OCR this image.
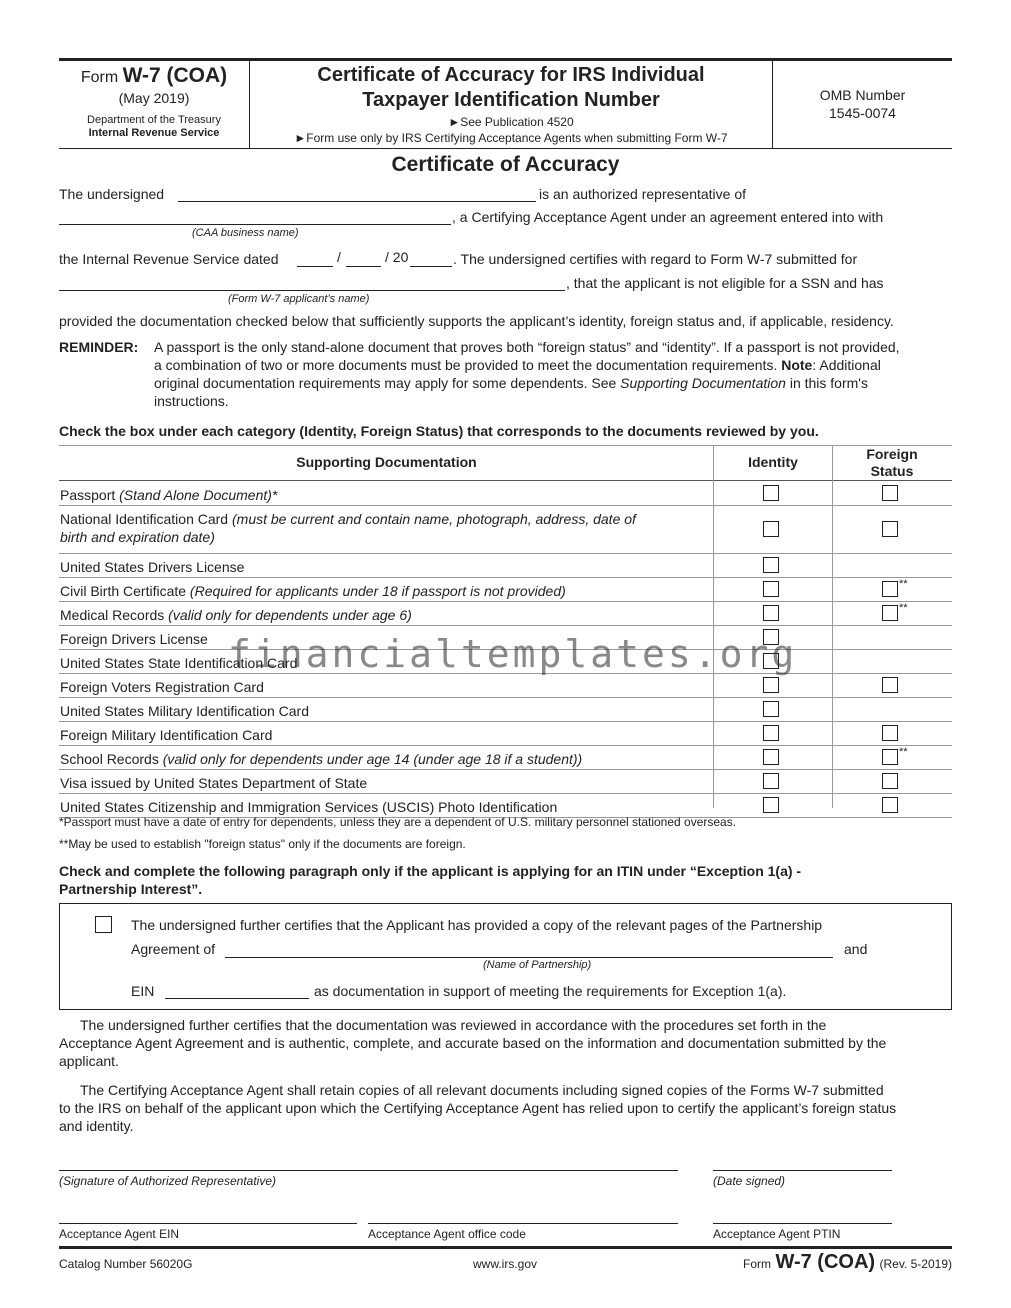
Form W-7 (COA)
(May 2019)
Department of the Treasury
Internal Revenue Service
Certificate of Accuracy for IRS Individual
Taxpayer Identification Number
►See Publication 4520
►Form use only by IRS Certifying Acceptance Agents when submitting Form W-7
OMB Number
1545-0074
Certificate of Accuracy
The undersigned	is an authorized representative of
, a Certifying Acceptance Agent under an agreement entered into with
(CAA business name)
the Internal Revenue Service dated	/	/ 20	. The undersigned certifies with regard to Form W-7 submitted for
, that the applicant is not eligible for a SSN and has
(Form W-7 applicant’s name)
provided the documentation checked below that sufficiently supports the applicant’s identity, foreign status and, if applicable, residency.
REMINDER: A passport is the only stand-alone document that proves both “foreign status” and “identity”. If a passport is not provided,
a combination of two or more documents must be provided to meet the documentation requirements. Note: Additional
original documentation requirements may apply for some dependents. See Supporting Documentation in this form's
instructions.
Check the box under each category (Identity, Foreign Status) that corresponds to the documents reviewed by you.
Supporting Documentation	Identity	Foreign
Status
Passport (Stand Alone Document)*
National Identification Card (must be current and contain name, photograph, address, date of
birth and expiration date)
United States Drivers License
Civil Birth Certificate (Required for applicants under 18 if passport is not provided)	**
Medical Records (valid only for dependents under age 6)	**
Foreign Drivers License
United States State Identification Card
Foreign Voters Registration Card
United States Military Identification Card
Foreign Military Identification Card
School Records (valid only for dependents under age 14 (under age 18 if a student))	**
Visa issued by United States Department of State
United States Citizenship and Immigration Services (USCIS) Photo Identification
*Passport must have a date of entry for dependents, unless they are a dependent of U.S. military personnel stationed overseas.
**May be used to establish "foreign status" only if the documents are foreign.
Check and complete the following paragraph only if the applicant is applying for an ITIN under “Exception 1(a) -
Partnership Interest”.
The undersigned further certifies that the Applicant has provided a copy of the relevant pages of the Partnership
Agreement of	and
(Name of Partnership)
EIN	as documentation in support of meeting the requirements for Exception 1(a).
The undersigned further certifies that the documentation was reviewed in accordance with the procedures set forth in the
Acceptance Agent Agreement and is authentic, complete, and accurate based on the information and documentation submitted by the
applicant.
The Certifying Acceptance Agent shall retain copies of all relevant documents including signed copies of the Forms W-7 submitted
to the IRS on behalf of the applicant upon which the Certifying Acceptance Agent has relied upon to certify the applicant’s foreign status
and identity.
(Signature of Authorized Representative)	(Date signed)
Acceptance Agent EIN	Acceptance Agent office code	Acceptance Agent PTIN
Catalog Number 56020G	www.irs.gov	Form W-7 (COA) (Rev. 5-2019)
financialtemplates.org
